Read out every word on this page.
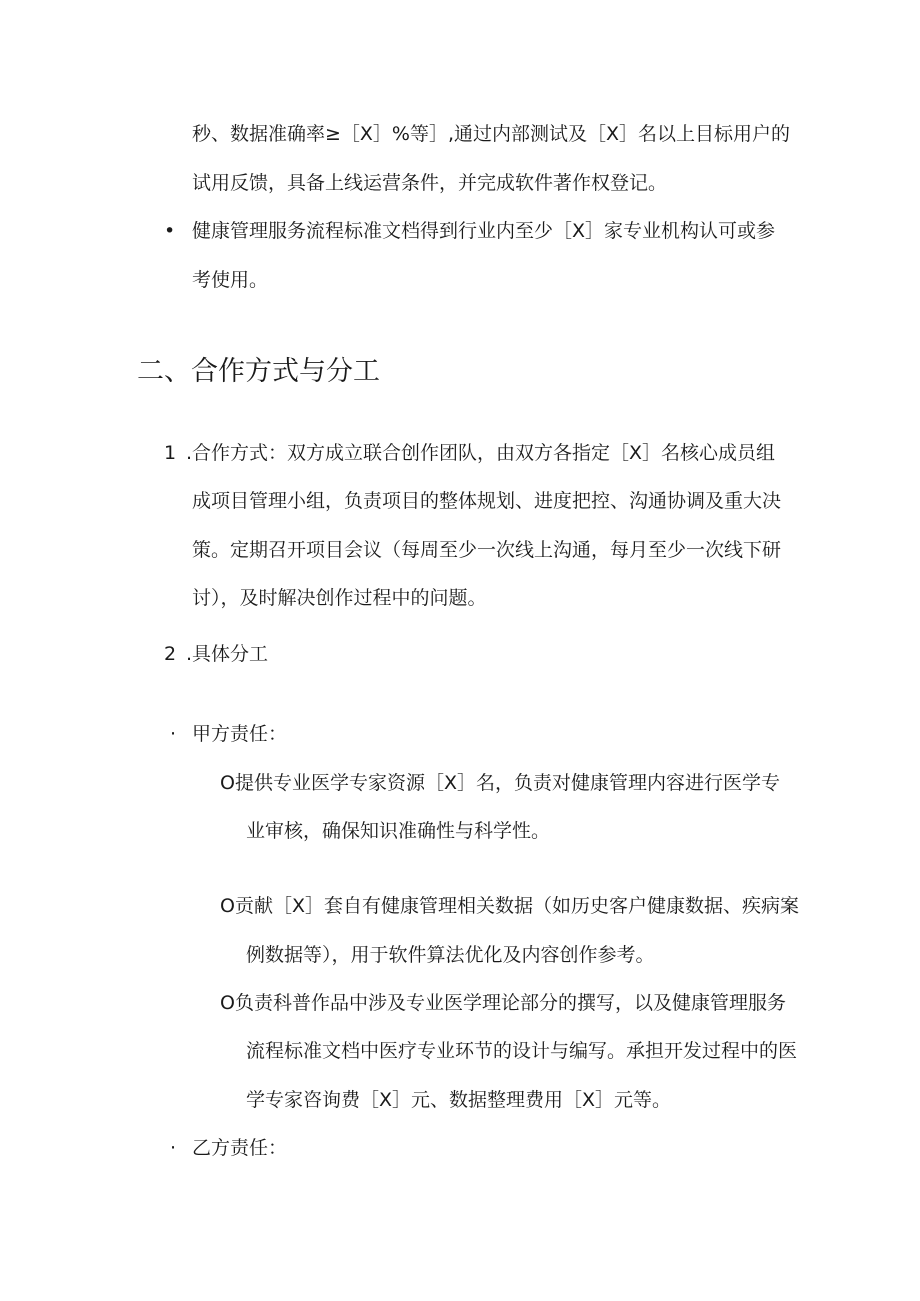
秒、数据准确率≥［X］%等］,通过内部测试及［X］名以上目标用户的

试用反馈，具备上线运营条件，并完成软件著作权登记。

• 健康管理服务流程标准文档得到行业内至少［X］家专业机构认可或参

考使用。

二、合作方式与分工
1 .合作方式：双方成立联合创作团队，由双方各指定［X］名核心成员组

成项目管理小组，负责项目的整体规划、进度把控、沟通协调及重大决

策。定期召开项目会议（每周至少一次线上沟通，每月至少一次线下研

讨），及时解决创作过程中的问题。

2 .具体分工

· 甲方责任：

O提供专业医学专家资源［X］名，负责对健康管理内容进行医学专

业审核，确保知识准确性与科学性。

O贡献［X］套自有健康管理相关数据（如历史客户健康数据、疾病案

例数据等），用于软件算法优化及内容创作参考。

O负责科普作品中涉及专业医学理论部分的撰写，以及健康管理服务

流程标准文档中医疗专业环节的设计与编写。承担开发过程中的医

学专家咨询费［X］元、数据整理费用［X］元等。

· 乙方责任：
